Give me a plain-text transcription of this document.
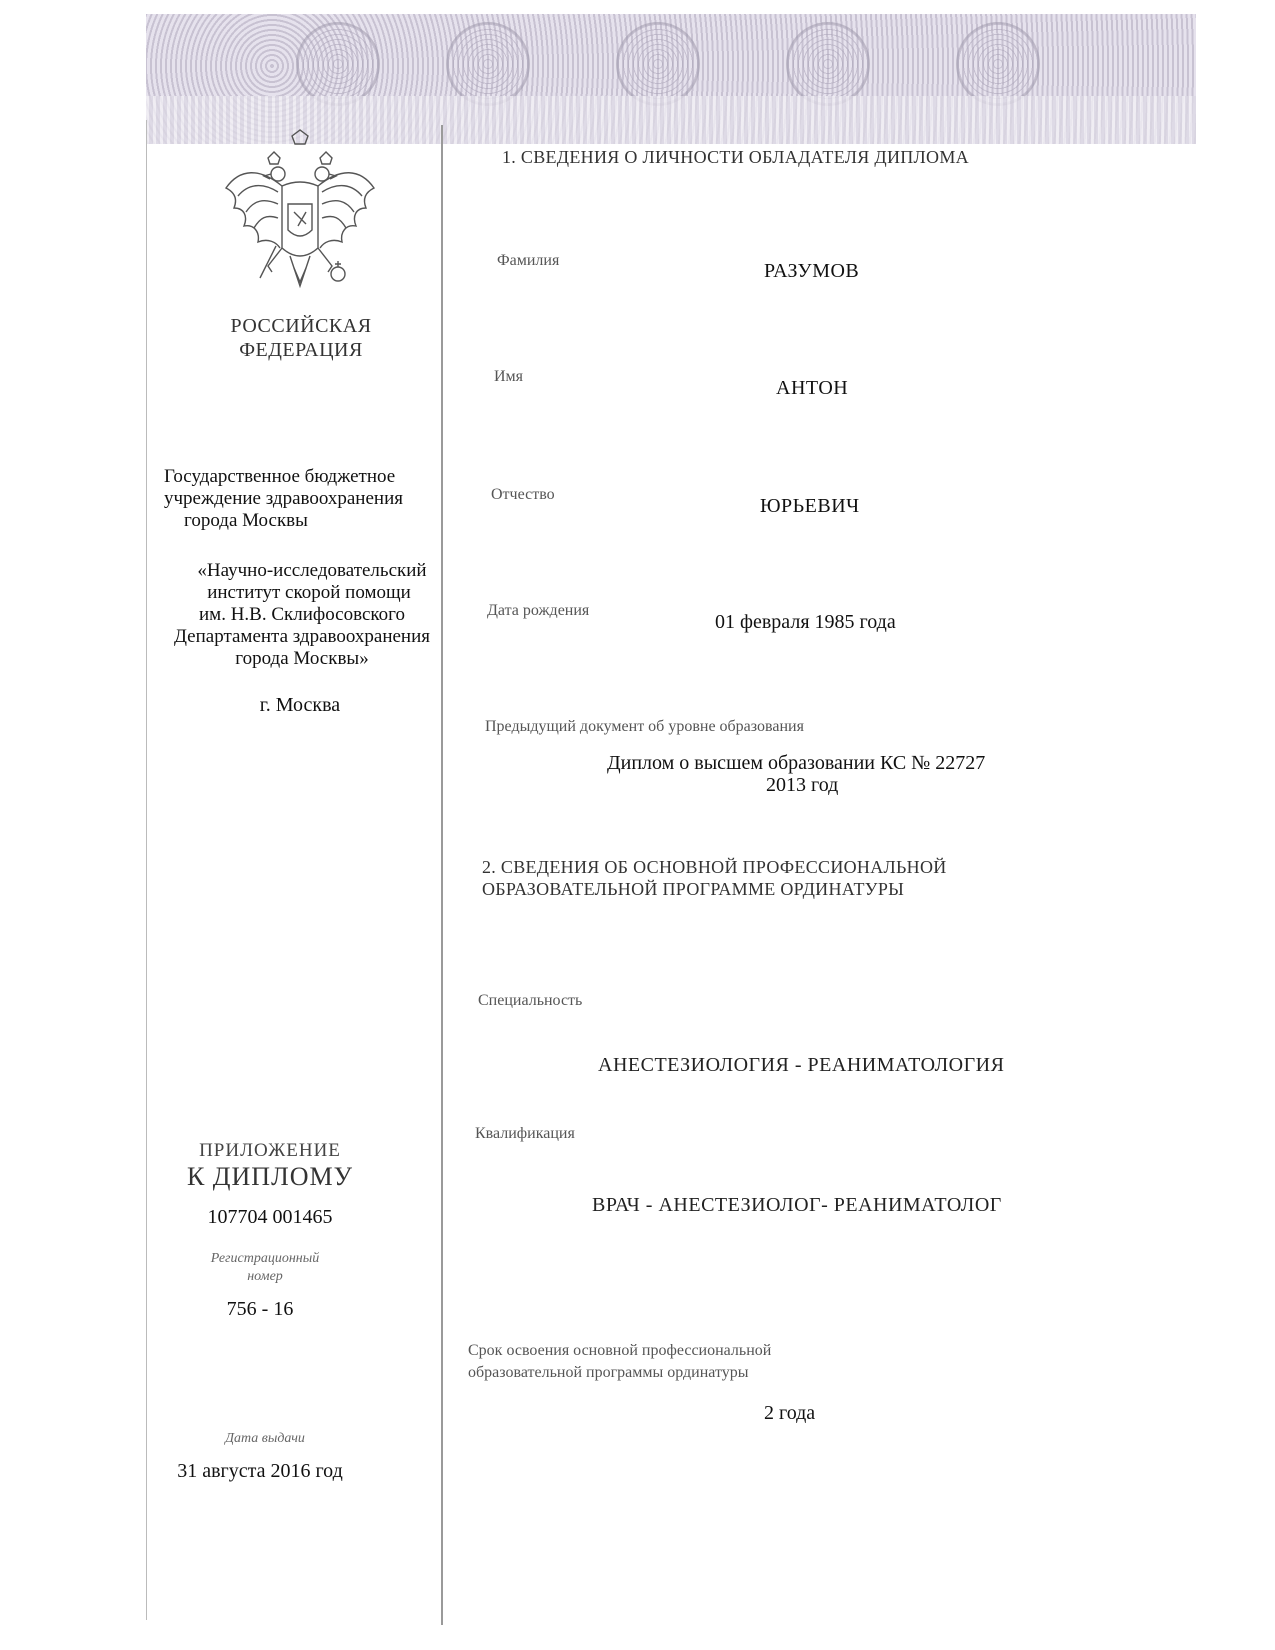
РОССИЙСКАЯ
ФЕДЕРАЦИЯ
Государственное бюджетное
учреждение здравоохранения
города Москвы
«Научно-исследовательский
институт скорой помощи
им. Н.В. Склифосовского
Департамента здравоохранения
города Москвы»
г. Москва
ПРИЛОЖЕНИЕ
К ДИПЛОМУ
107704 001465
Регистрационный
номер
756 - 16
Дата выдачи
31 августа 2016 год
1. СВЕДЕНИЯ О ЛИЧНОСТИ ОБЛАДАТЕЛЯ ДИПЛОМА
Фамилия	РАЗУМОВ
Имя
АНТОН
Отчество
ЮРЬЕВИЧ
Дата рождения
01 февраля 1985 года
Предыдущий документ об уровне образования
Диплом о высшем образовании КС № 22727
2013 год
2. СВЕДЕНИЯ ОБ ОСНОВНОЙ ПРОФЕССИОНАЛЬНОЙ
ОБРАЗОВАТЕЛЬНОЙ ПРОГРАММЕ ОРДИНАТУРЫ
Специальность
АНЕСТЕЗИОЛОГИЯ - РЕАНИМАТОЛОГИЯ
Квалификация
ВРАЧ - АНЕСТЕЗИОЛОГ- РЕАНИМАТОЛОГ
Срок освоения основной профессиональной
образовательной программы ординатуры
2 года
